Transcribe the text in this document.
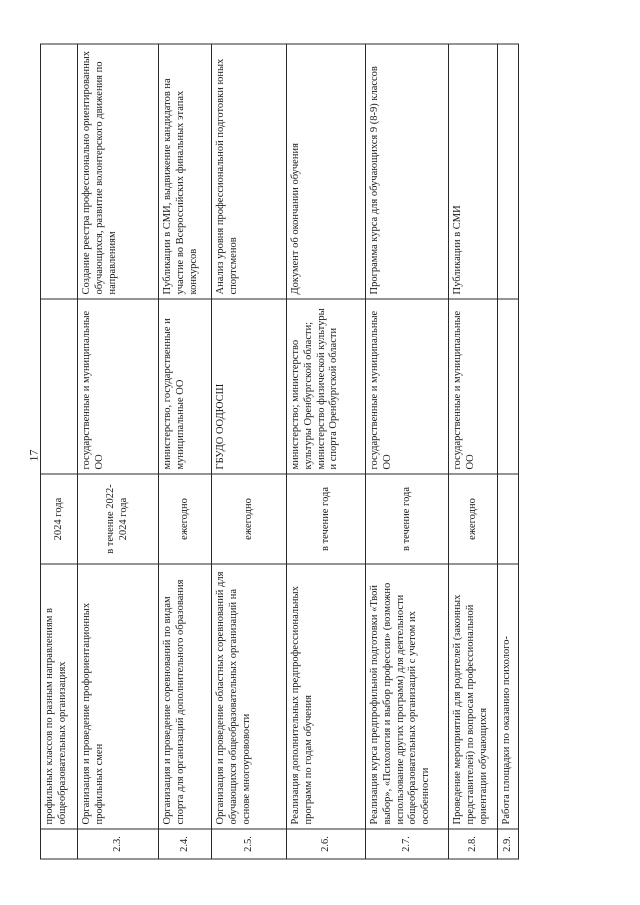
17
	профильных классов по разным направлениям в общеобразовательных организациях	2024 года		
2.3.	Организация и проведение профориентационных профильных смен	в течение 2022-2024 года	государственные и муниципальные ОО	Создание реестра профессионально ориентированных обучающихся, развитие волонтерского движения по направлениям
2.4.	Организация и проведение соревнований по видам спорта для организаций дополнительного образования	ежегодно	министерство, государственные и муниципальные ОО	Публикации в СМИ, выдвижение кандидатов на участие во Всероссийских финальных этапах конкурсов
2.5.	Организация и проведение областных соревнований для обучающихся общеобразовательных организаций на основе многоурововости	ежегодно	ГБУДО ООДЮСШ	Анализ уровня профессиональной подготовки юных спортсменов
2.6.	Реализация дополнительных предпрофессиональных программ по годам обучения	в течение года	министерство; министерство культуры Оренбургской области; министерство физической культуры и спорта Оренбургской области	Документ об окончании обучения
2.7.	Реализация курса предпрофильной подготовки «Твой выбор», «Психология и выбор профессии» (возможно использование других программ) для деятельности общеобразовательных организаций с учетом их особенности	в течение года	государственные и муниципальные ОО	Программа курса для обучающихся 9 (8-9) классов
2.8.	Проведение мероприятий для родителей (законных представителей) по вопросам профессиональной ориентации обучающихся	ежегодно	государственные и муниципальные ОО	Публикации в СМИ
2.9.	Работа площадки по оказанию психолого-			
